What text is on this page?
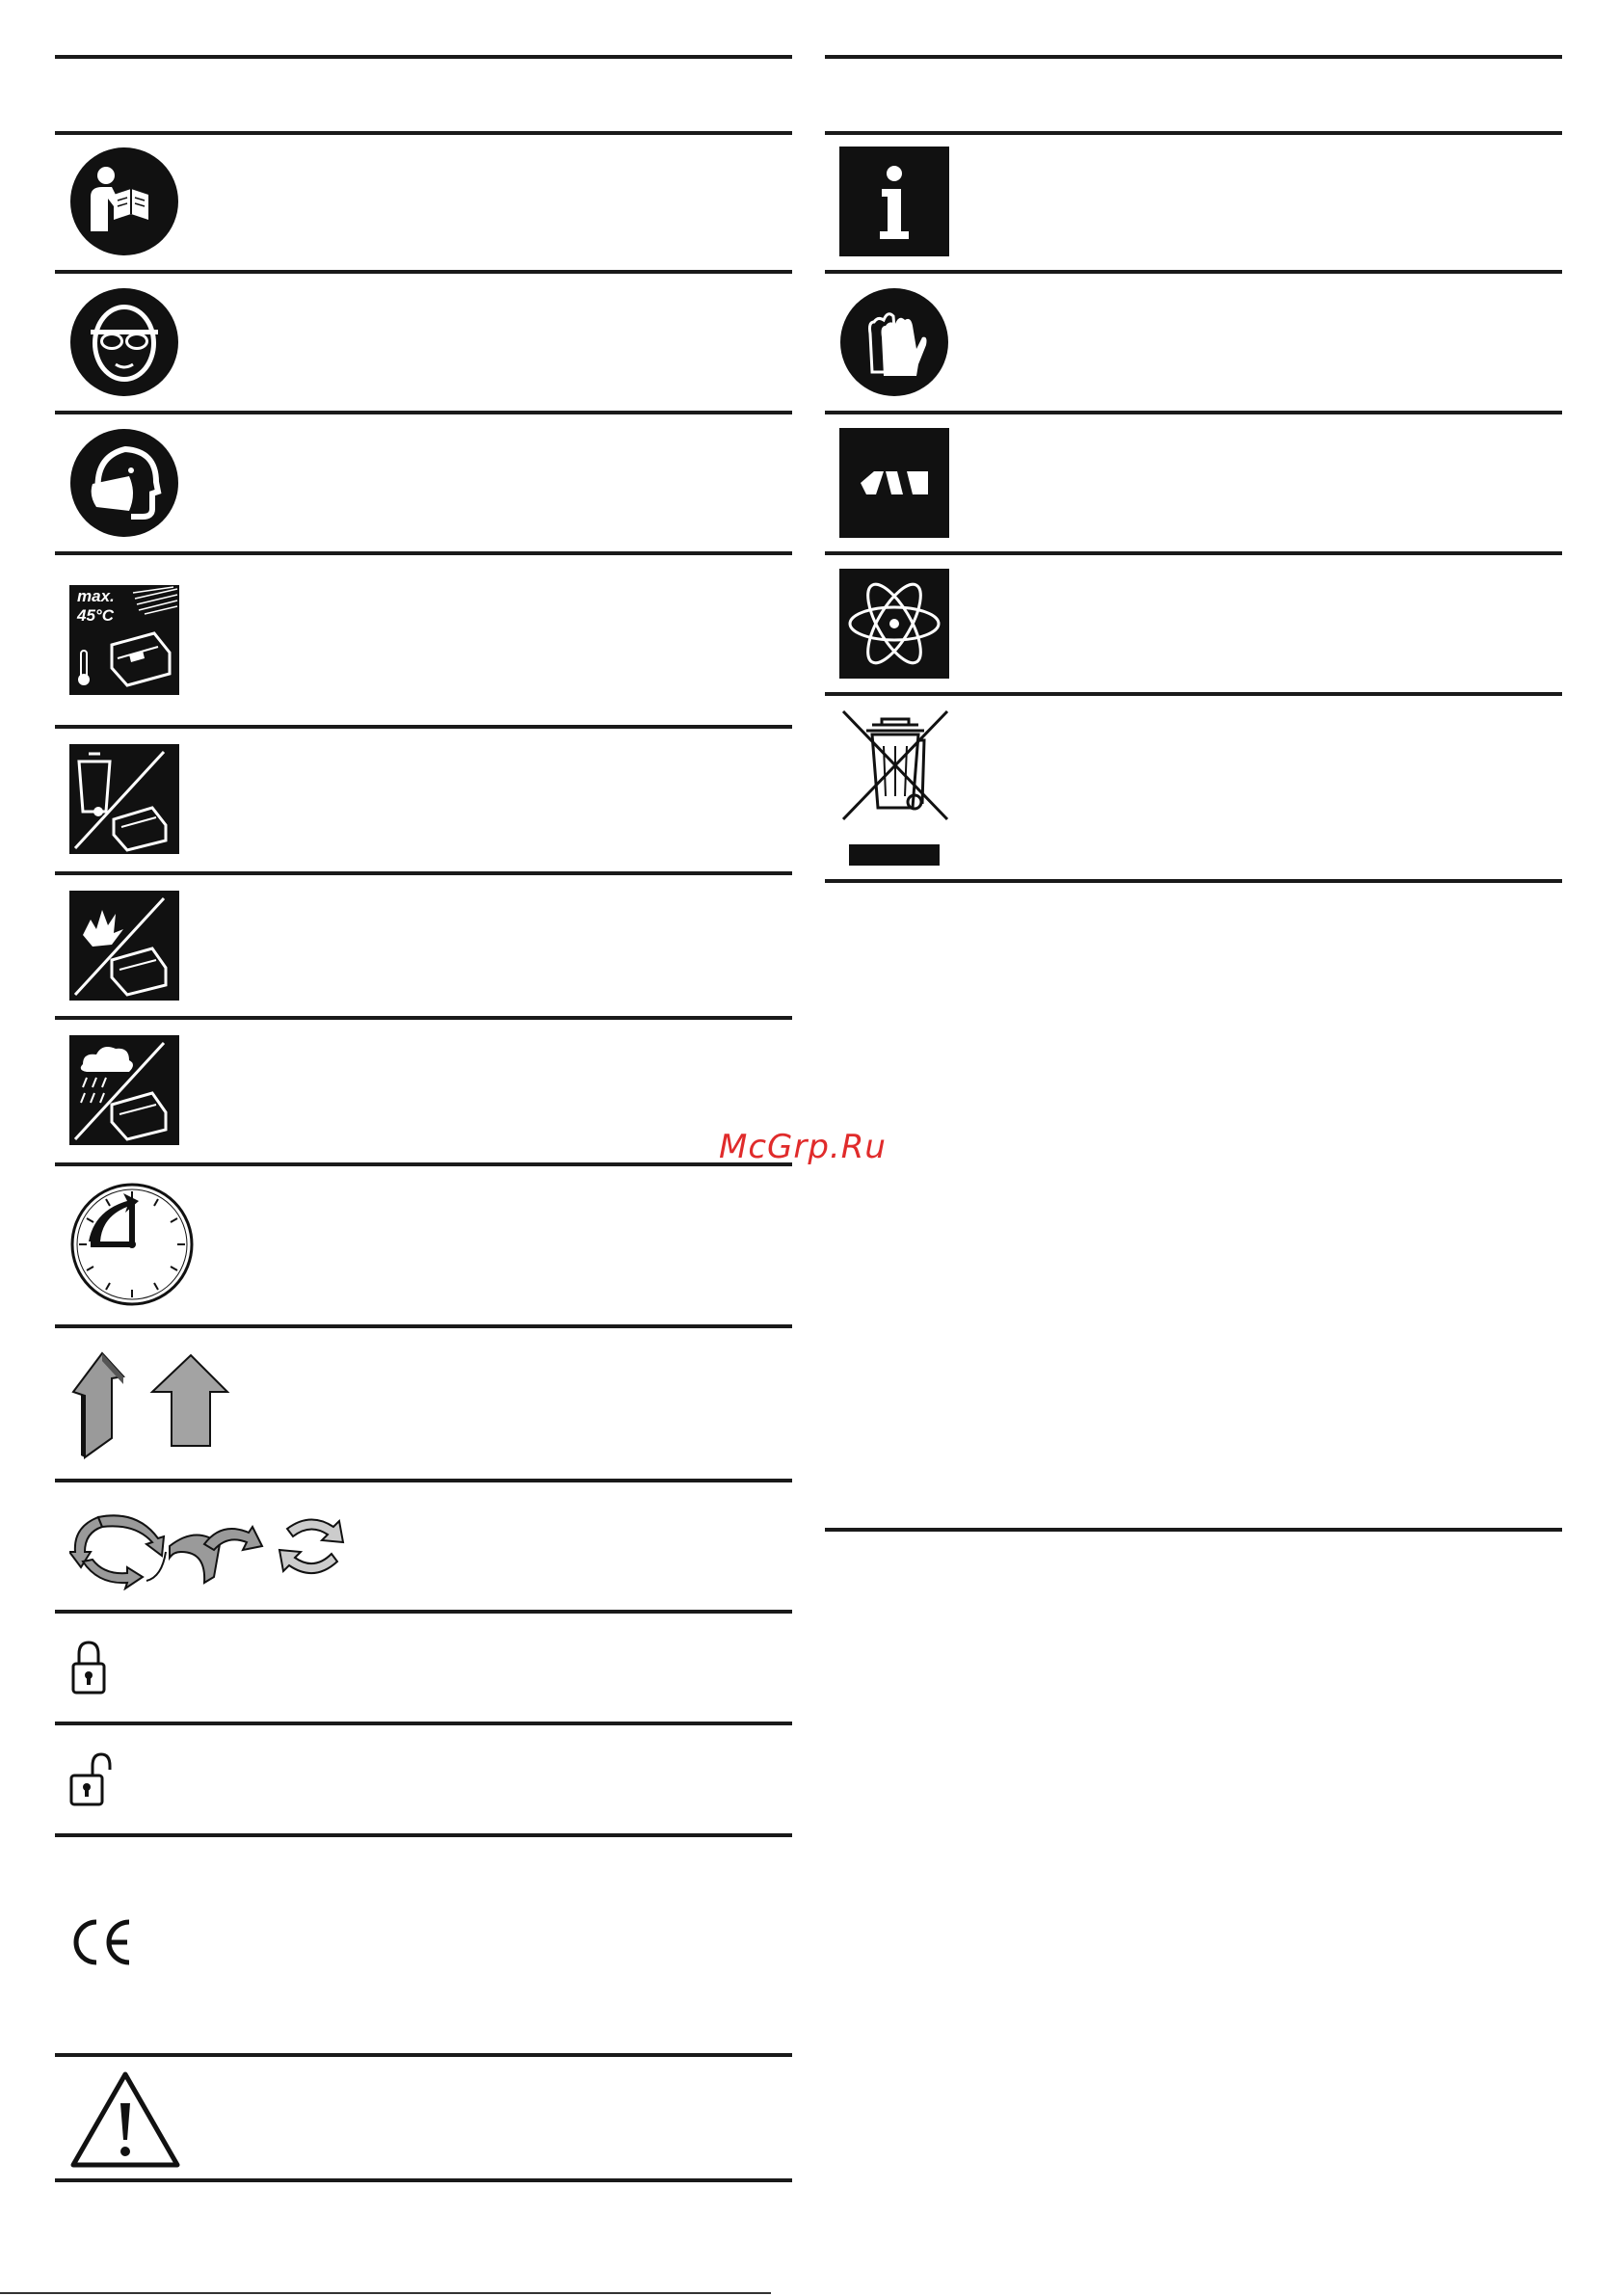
max.
45°C
McGrp.Ru
